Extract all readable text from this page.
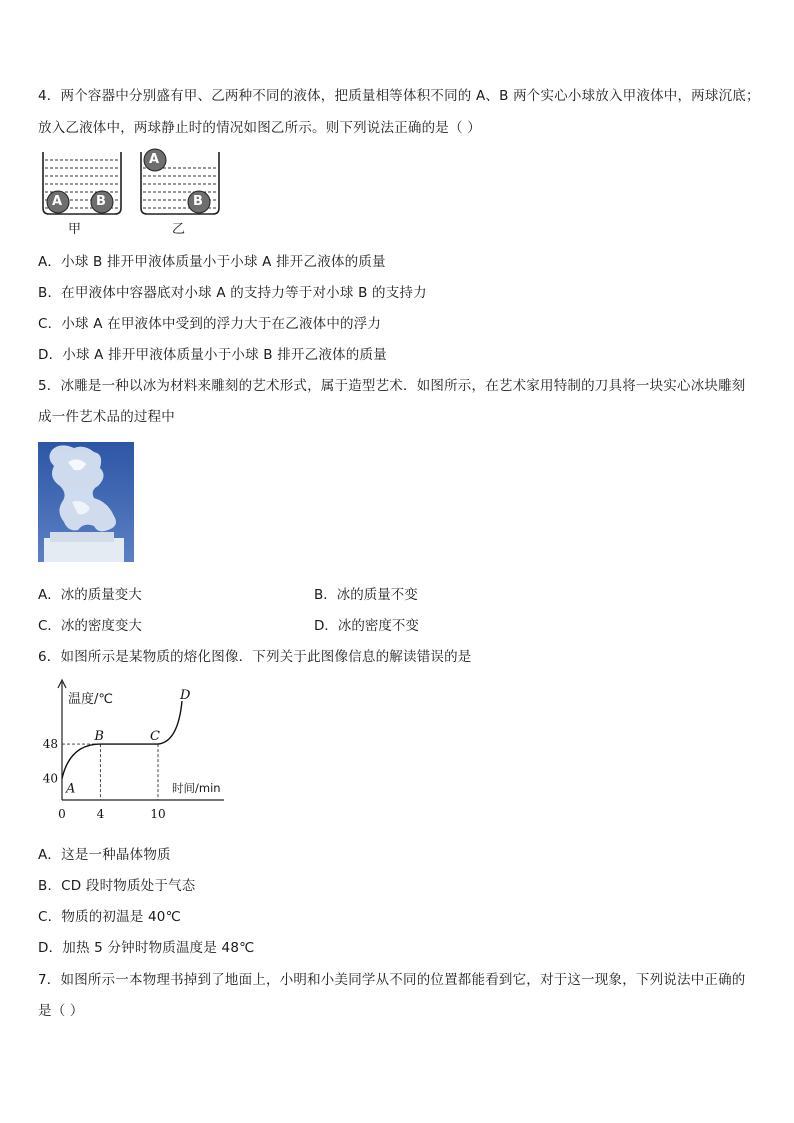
4．两个容器中分别盛有甲、乙两种不同的液体，把质量相等体积不同的 A、B 两个实心小球放入甲液体中，两球沉底；
放入乙液体中，两球静止时的情况如图乙所示。则下列说法正确的是（ ）
A	B
A
B
甲	乙
A．小球 B 排开甲液体质量小于小球 A 排开乙液体的质量
B．在甲液体中容器底对小球 A 的支持力等于对小球 B 的支持力
C．小球 A 在甲液体中受到的浮力大于在乙液体中的浮力
D．小球 A 排开甲液体质量小于小球 B 排开乙液体的质量
5．冰雕是一种以冰为材料来雕刻的艺术形式，属于造型艺术．如图所示，在艺术家用特制的刀具将一块实心冰块雕刻
成一件艺术品的过程中
A．冰的质量变大	B．冰的质量不变
C．冰的密度变大	D．冰的密度不变
6．如图所示是某物质的熔化图像．下列关于此图像信息的解读错误的是
A
B	C
D
40
48
0	4	10
温度/℃
时间/min
A．这是一种晶体物质
B．CD 段时物质处于气态
C．物质的初温是 40℃
D．加热 5 分钟时物质温度是 48℃
7．如图所示一本物理书掉到了地面上，小明和小美同学从不同的位置都能看到它，对于这一现象，下列说法中正确的
是（ ）
